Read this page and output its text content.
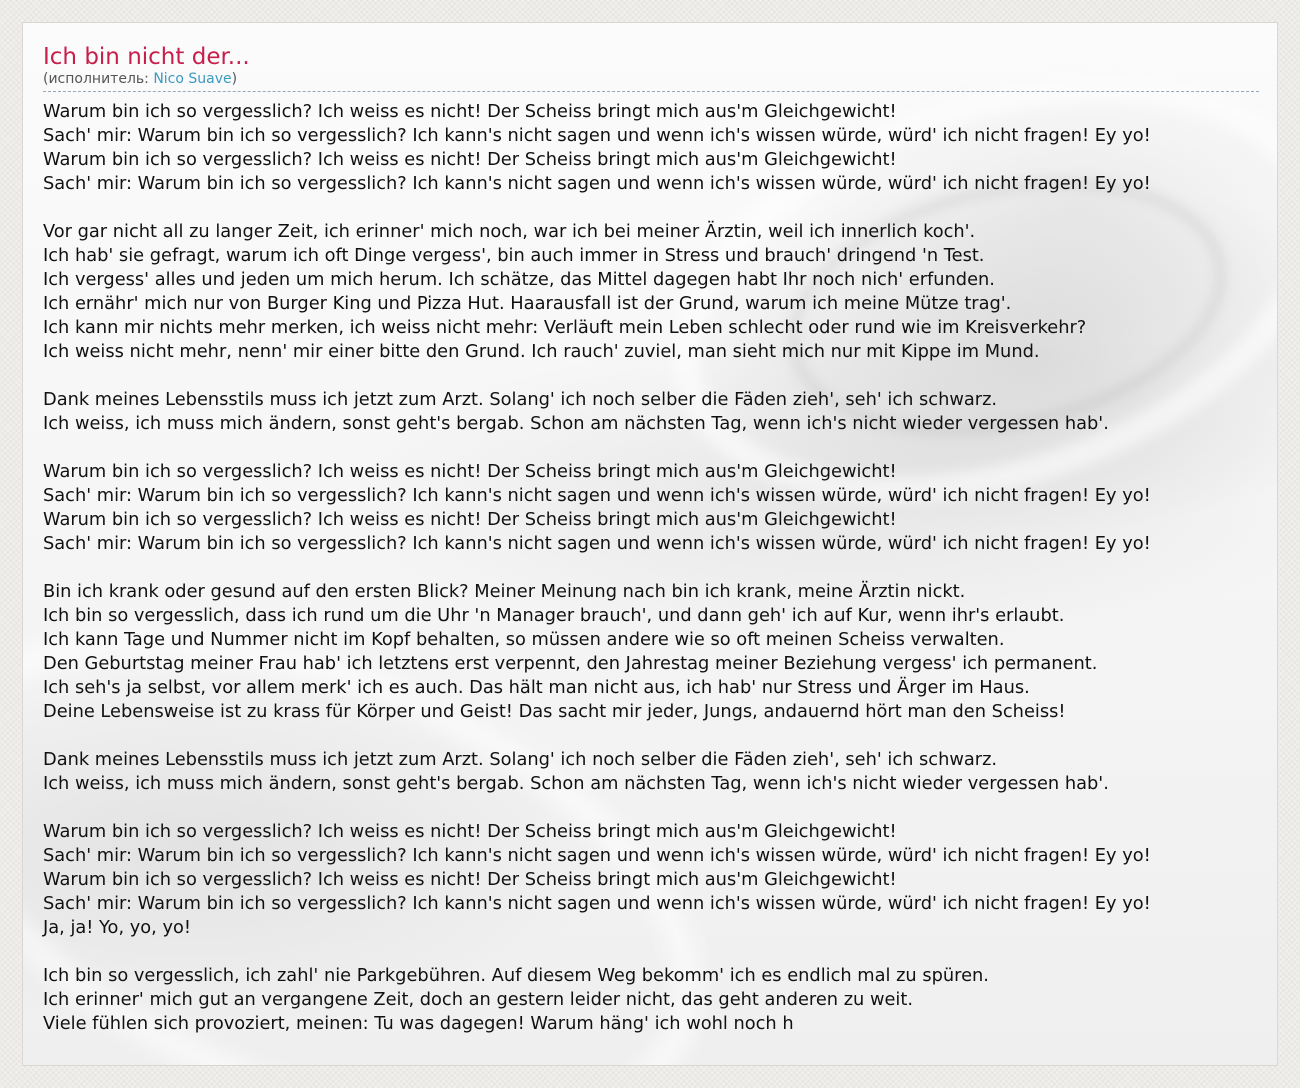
Ich bin nicht der...
(исполнитель: Nico Suave)
Warum bin ich so vergesslich? Ich weiss es nicht! Der Scheiss bringt mich aus'm Gleichgewicht!
Sach' mir: Warum bin ich so vergesslich? Ich kann's nicht sagen und wenn ich's wissen würde, würd' ich nicht fragen! Ey yo!
Warum bin ich so vergesslich? Ich weiss es nicht! Der Scheiss bringt mich aus'm Gleichgewicht!
Sach' mir: Warum bin ich so vergesslich? Ich kann's nicht sagen und wenn ich's wissen würde, würd' ich nicht fragen! Ey yo!
Vor gar nicht all zu langer Zeit, ich erinner' mich noch, war ich bei meiner Ärztin, weil ich innerlich koch'.
Ich hab' sie gefragt, warum ich oft Dinge vergess', bin auch immer in Stress und brauch' dringend 'n Test.
Ich vergess' alles und jeden um mich herum. Ich schätze, das Mittel dagegen habt Ihr noch nich' erfunden.
Ich ernähr' mich nur von Burger King und Pizza Hut. Haarausfall ist der Grund, warum ich meine Mütze trag'.
Ich kann mir nichts mehr merken, ich weiss nicht mehr: Verläuft mein Leben schlecht oder rund wie im Kreisverkehr?
Ich weiss nicht mehr, nenn' mir einer bitte den Grund. Ich rauch' zuviel, man sieht mich nur mit Kippe im Mund.
Dank meines Lebensstils muss ich jetzt zum Arzt. Solang' ich noch selber die Fäden zieh', seh' ich schwarz.
Ich weiss, ich muss mich ändern, sonst geht's bergab. Schon am nächsten Tag, wenn ich's nicht wieder vergessen hab'.
Warum bin ich so vergesslich? Ich weiss es nicht! Der Scheiss bringt mich aus'm Gleichgewicht!
Sach' mir: Warum bin ich so vergesslich? Ich kann's nicht sagen und wenn ich's wissen würde, würd' ich nicht fragen! Ey yo!
Warum bin ich so vergesslich? Ich weiss es nicht! Der Scheiss bringt mich aus'm Gleichgewicht!
Sach' mir: Warum bin ich so vergesslich? Ich kann's nicht sagen und wenn ich's wissen würde, würd' ich nicht fragen! Ey yo!
Bin ich krank oder gesund auf den ersten Blick? Meiner Meinung nach bin ich krank, meine Ärztin nickt.
Ich bin so vergesslich, dass ich rund um die Uhr 'n Manager brauch', und dann geh' ich auf Kur, wenn ihr's erlaubt.
Ich kann Tage und Nummer nicht im Kopf behalten, so müssen andere wie so oft meinen Scheiss verwalten.
Den Geburtstag meiner Frau hab' ich letztens erst verpennt, den Jahrestag meiner Beziehung vergess' ich permanent.
Ich seh's ja selbst, vor allem merk' ich es auch. Das hält man nicht aus, ich hab' nur Stress und Ärger im Haus.
Deine Lebensweise ist zu krass für Körper und Geist! Das sacht mir jeder, Jungs, andauernd hört man den Scheiss!
Dank meines Lebensstils muss ich jetzt zum Arzt. Solang' ich noch selber die Fäden zieh', seh' ich schwarz.
Ich weiss, ich muss mich ändern, sonst geht's bergab. Schon am nächsten Tag, wenn ich's nicht wieder vergessen hab'.
Warum bin ich so vergesslich? Ich weiss es nicht! Der Scheiss bringt mich aus'm Gleichgewicht!
Sach' mir: Warum bin ich so vergesslich? Ich kann's nicht sagen und wenn ich's wissen würde, würd' ich nicht fragen! Ey yo!
Warum bin ich so vergesslich? Ich weiss es nicht! Der Scheiss bringt mich aus'm Gleichgewicht!
Sach' mir: Warum bin ich so vergesslich? Ich kann's nicht sagen und wenn ich's wissen würde, würd' ich nicht fragen! Ey yo!
Ja, ja! Yo, yo, yo!
Ich bin so vergesslich, ich zahl' nie Parkgebühren. Auf diesem Weg bekomm' ich es endlich mal zu spüren.
Ich erinner' mich gut an vergangene Zeit, doch an gestern leider nicht, das geht anderen zu weit.
Viele fühlen sich provoziert, meinen: Tu was dagegen! Warum häng' ich wohl noch h
